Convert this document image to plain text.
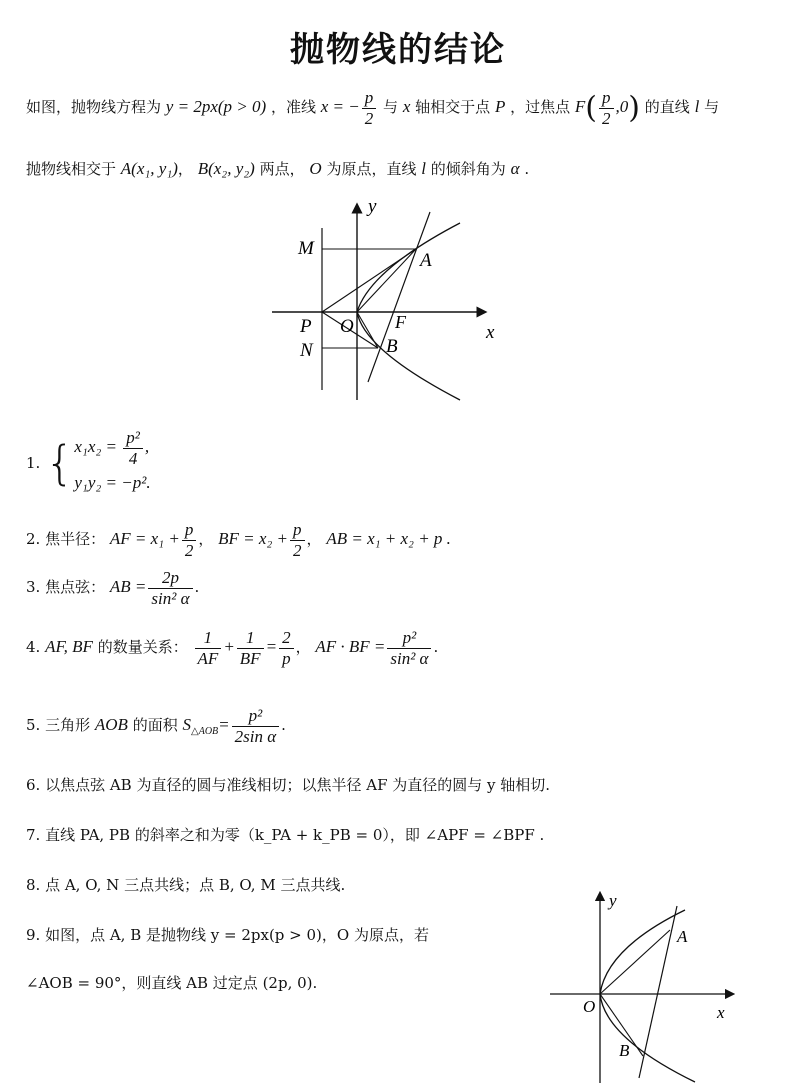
抛物线的结论
如图，抛物线方程为 y = 2px(p > 0) ，准线 x = − $\frac{p}{2}$ 与 x 轴相交于点 P ，过焦点 $F( \frac{p}{2} ,0)$ 的直线 l 与
抛物线相交于 A(x₁, y₁)， B(x₂, y₂) 两点， O 为原点，直线 l 的倾斜角为 α .
y
x
M
A
P O F
N	B
1. { $x_1x_2 = \frac{\text{p²}}{4}$ ,
y₁y₂ = −p².
2. 焦半径： AF = $x_1 + \frac{p}{2}$ ， BF = $x_2 + \frac{p}{2}$ ， AB = x₁ + x₂ + p .
3. 焦点弦： AB = $\frac{2p}{\text{sin² α}}$ .
4. AF, BF 的数量关系： $\frac{1}{AF} + \frac{1}{BF} = \frac{2}{p}$ ， AF · BF = $\frac{\text{p²}}{\text{sin² α}}$ .
5. 三角形 AOB 的面积 $S_{\triangle AOB}= \frac{\text{p²}}{\text{2sin α}}$ .
6. 以焦点弦 AB 为直径的圆与准线相切；以焦半径 AF 为直径的圆与 y 轴相切.
7. 直线 PA, PB 的斜率之和为零（k_PA + k_PB = 0），即 ∠APF = ∠BPF .
8. 点 A, O, N 三点共线；点 B, O, M 三点共线.
9. 如图，点 A, B 是抛物线 y = 2px(p > 0)，O 为原点，若
∠AOB = 90°，则直线 AB 过定点 (2p, 0).
y
x
A
O
B
